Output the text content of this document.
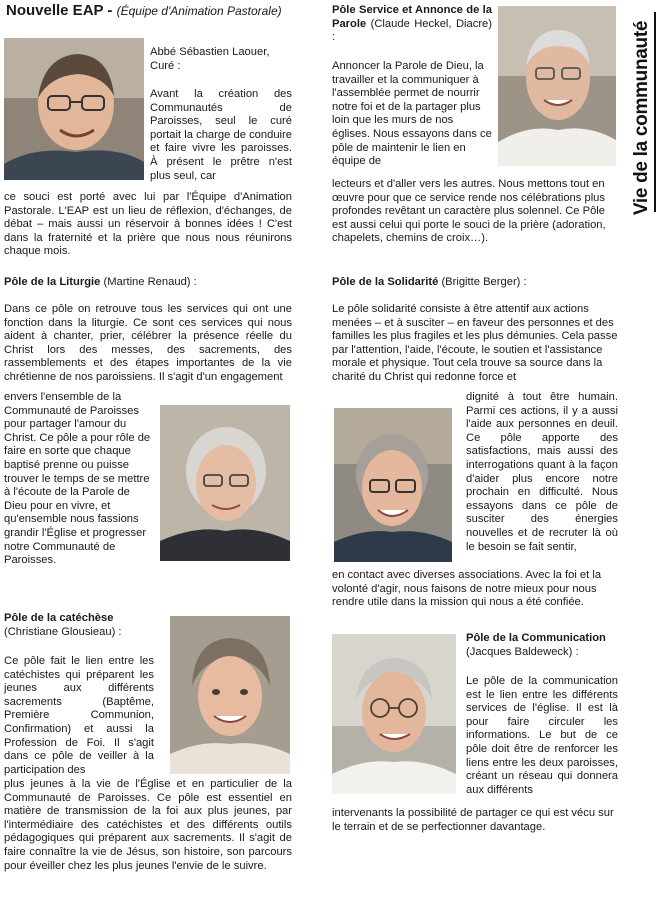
Nouvelle EAP - (Équipe d'Animation Pastorale)
Vie de la communauté

Abbé Sébastien Laouer,

Curé :

Avant la création des Communautés de Paroisses, seul le curé portait la charge de conduire et faire vivre les paroisses. À présent le prêtre n'est plus seul, car
ce souci est porté avec lui par l'Équipe d'Animation Pastorale. L'EAP est un lieu de réflexion, d'échanges, de débat – mais aussi un réservoir à bonnes idées ! C'est dans la fraternité et la prière que nous nous réunirons chaque mois.
Pôle Service et Annonce de la Parole (Claude Heckel, Diacre) :
Annoncer la Parole de Dieu, la travailler et la communiquer à l'assemblée permet de nourrir notre foi et de la partager plus loin que les murs de nos églises. Nous essayons dans ce pôle de maintenir le lien en équipe de
lecteurs et d'aller vers les autres. Nous mettons tout en œuvre pour que ce service rende nos célébrations plus profondes revêtant un caractère plus solennel. Ce Pôle est aussi celui qui porte le souci de la prière (adoration, chapelets, chemins de croix…).
Pôle de la Liturgie (Martine Renaud) :
Dans ce pôle on retrouve tous les services qui ont une fonction dans la liturgie. Ce sont ces services qui nous aident à chanter, prier, célébrer la présence réelle du Christ lors des messes, des sacrements, des rassemblements et des étapes importantes de la vie chrétienne de nos paroissiens. Il s'agit d'un engagement
envers l'ensemble de la Communauté de Paroisses pour partager l'amour du Christ. Ce pôle a pour rôle de faire en sorte que chaque baptisé prenne ou puisse trouver le temps de se mettre à l'écoute de la Parole de Dieu pour en vivre, et qu'ensemble nous fassions grandir l'Église et progresser notre Communauté de Paroisses.
Pôle de la Solidarité (Brigitte Berger) :
Le pôle solidarité consiste à être attentif aux actions menées – et à susciter – en faveur des personnes et des familles les plus fragiles et les plus démunies. Cela passe par l'attention, l'aide, l'écoute, le soutien et l'assistance morale et physique. Tout cela trouve sa source dans la charité du Christ qui redonne force et
dignité à tout être humain. Parmi ces actions, il y a aussi l'aide aux personnes en deuil. Ce pôle apporte des satisfactions, mais aussi des interrogations quant à la façon d'aider plus encore notre prochain en difficulté. Nous essayons dans ce pôle de susciter des énergies nouvelles et de recruter là où le besoin se fait sentir,
en contact avec diverses associations. Avec la foi et la volonté d'agir, nous faisons de notre mieux pour nous rendre utile dans la mission qui nous a été confiée.

Pôle de la catéchèse

(Christiane Glousieau) :

Ce pôle fait le lien entre les catéchistes qui préparent les jeunes aux différents sacrements (Baptême, Première Communion, Confirmation) et aussi la Profession de Foi. Il s'agit dans ce pôle de veiller à la participation des
plus jeunes à la vie de l'Église et en particulier de la Communauté de Paroisses. Ce pôle est essentiel en matière de transmission de la foi aux plus jeunes, par l'intermédiaire des catéchistes et des différents outils pédagogiques qui préparent aux sacrements. Il s'agit de faire connaître la vie de Jésus, son histoire, son parcours pour éveiller chez les plus jeunes l'envie de le suivre.

Pôle de la Communication

(Jacques Baldeweck) :

Le pôle de la communication est le lien entre les différents services de l'église. Il est là pour faire circuler les informations. Le but de ce pôle doit être de renforcer les liens entre les deux paroisses, créant un réseau qui donnera aux différents
intervenants la possibilité de partager ce qui est vécu sur le terrain et de se perfectionner davantage.
